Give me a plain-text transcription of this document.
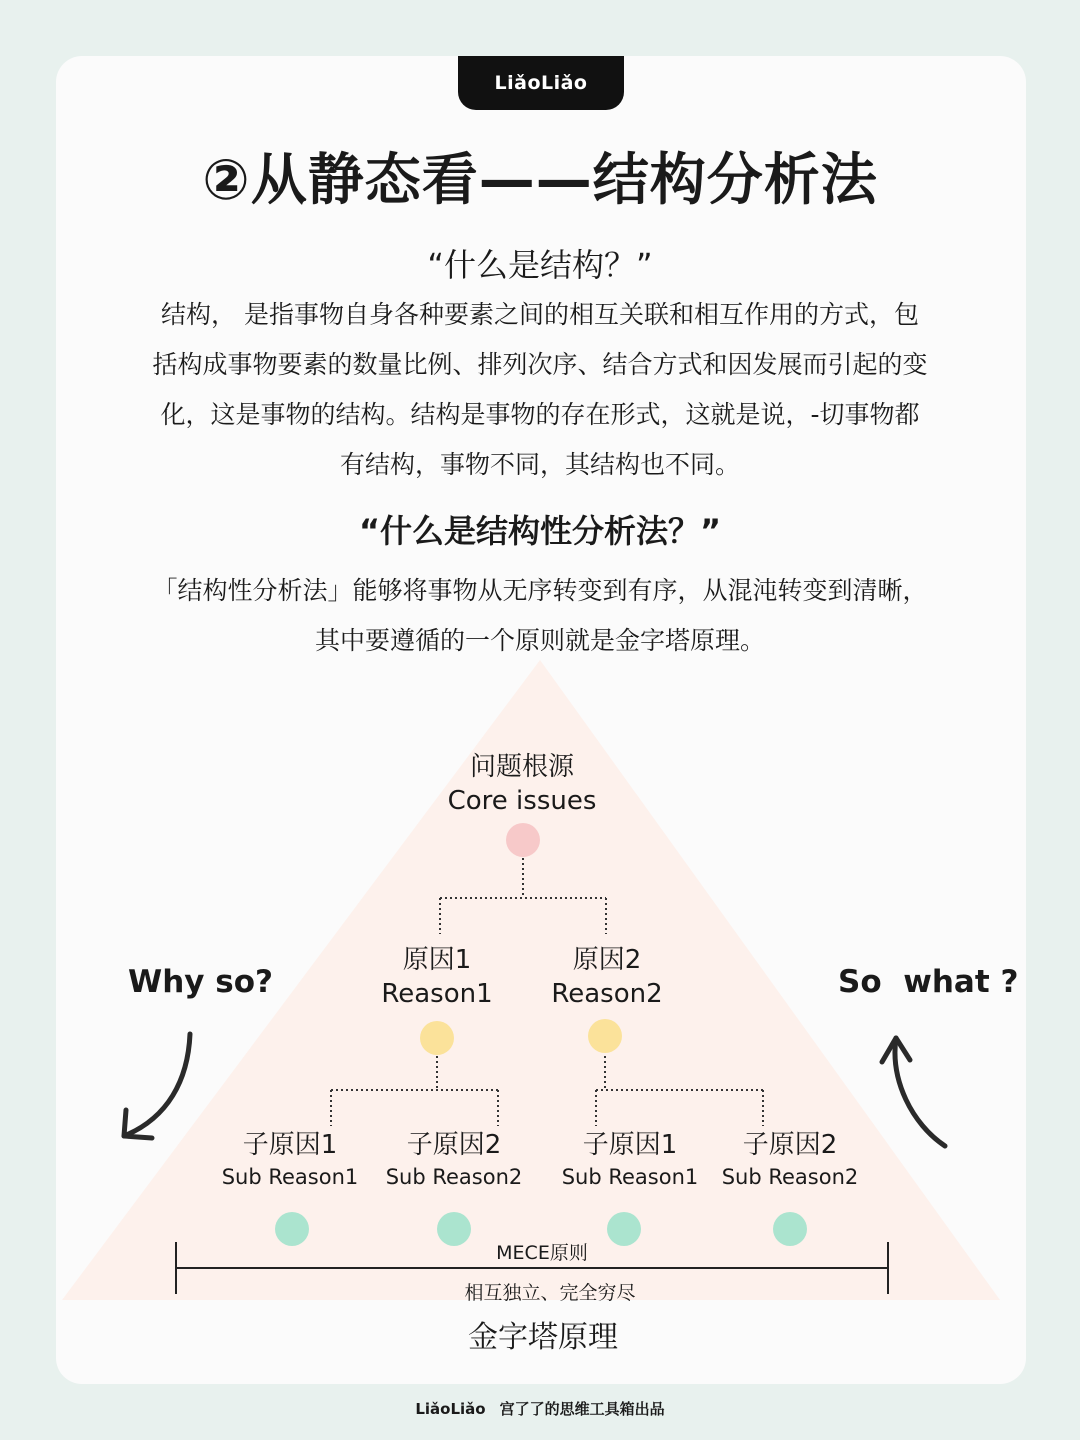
LiǎoLiǎo
②从静态看——结构分析法
“什么是结构？”

结构， 是指事物自身各种要素之间的相互关联和相互作用的方式，包
括构成事物要素的数量比例、排列次序、结合方式和因发展而引起的变
化，这是事物的结构。结构是事物的存在形式，这就是说，-切事物都
有结构，事物不同，其结构也不同。

“什么是结构性分析法？”

「结构性分析法」能够将事物从无序转变到有序，从混沌转变到清晰，
其中要遵循的一个原则就是金字塔原理。

问题根源
Core issues
原因1
Reason1
原因2
Reason2
子原因1
Sub Reason1
子原因2
Sub Reason2
子原因1
Sub Reason1
子原因2
Sub Reason2
Why so?	So  what ?
MECE原则
相互独立、完全穷尽
金字塔原理
LiǎoLiǎo 宫了了的思维工具箱出品
